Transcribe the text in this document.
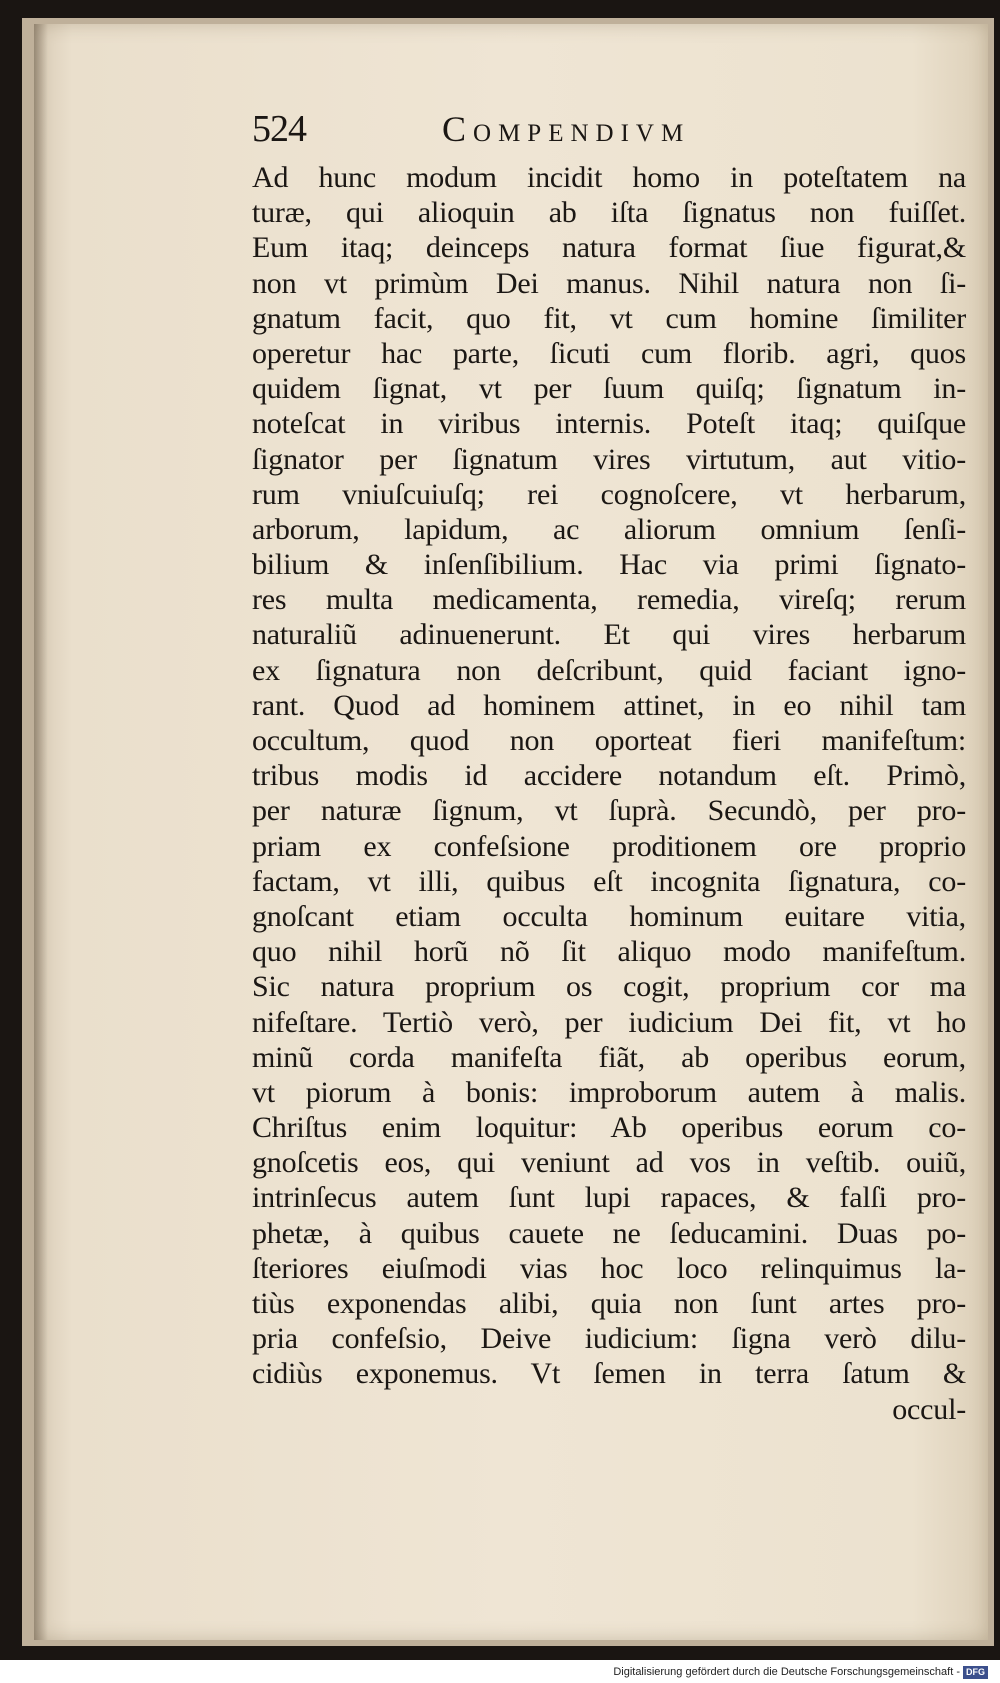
524	Compendivm
Ad hunc modum incidit homo in poteſtatem na
turæ, qui alioquin ab iſta ſignatus non fuiſſet.
Eum itaq; deinceps natura format ſiue figurat,&
non vt primùm Dei manus. Nihil natura non ſi-
gnatum facit, quo fit, vt cum homine ſimiliter
operetur hac parte, ſicuti cum florib. agri, quos
quidem ſignat, vt per ſuum quiſq; ſignatum in-
noteſcat in viribus internis. Poteſt itaq; quiſque
ſignator per ſignatum vires virtutum, aut vitio-
rum vniuſcuiuſq; rei cognoſcere, vt herbarum,
arborum, lapidum, ac aliorum omnium ſenſi-
bilium & inſenſibilium. Hac via primi ſignato-
res multa medicamenta, remedia, vireſq; rerum
naturaliũ adinuenerunt. Et qui vires herbarum
ex ſignatura non deſcribunt, quid faciant igno-
rant. Quod ad hominem attinet, in eo nihil tam
occultum, quod non oporteat fieri manifeſtum:
tribus modis id accidere notandum eſt. Primò,
per naturæ ſignum, vt ſuprà. Secundò, per pro-
priam ex confeſsione proditionem ore proprio
factam, vt illi, quibus eſt incognita ſignatura, co-
gnoſcant etiam occulta hominum euitare vitia,
quo nihil horũ nõ ſit aliquo modo manifeſtum.
Sic natura proprium os cogit, proprium cor ma
nifeſtare. Tertiò verò, per iudicium Dei fit, vt ho
minũ corda manifeſta fiãt, ab operibus eorum,
vt piorum à bonis: improborum autem à malis.
Chriſtus enim loquitur: Ab operibus eorum co-
gnoſcetis eos, qui veniunt ad vos in veſtib. ouiũ,
intrinſecus autem ſunt lupi rapaces, & falſi pro-
phetæ, à quibus cauete ne ſeducamini. Duas po-
ſteriores eiuſmodi vias hoc loco relinquimus la-
tiùs exponendas alibi, quia non ſunt artes pro-
pria confeſsio, Deive iudicium: ſigna verò dilu-
cidiùs exponemus. Vt ſemen in terra ſatum &
occul-
Digitalisierung gefördert durch die Deutsche Forschungsgemeinschaft - DFG
